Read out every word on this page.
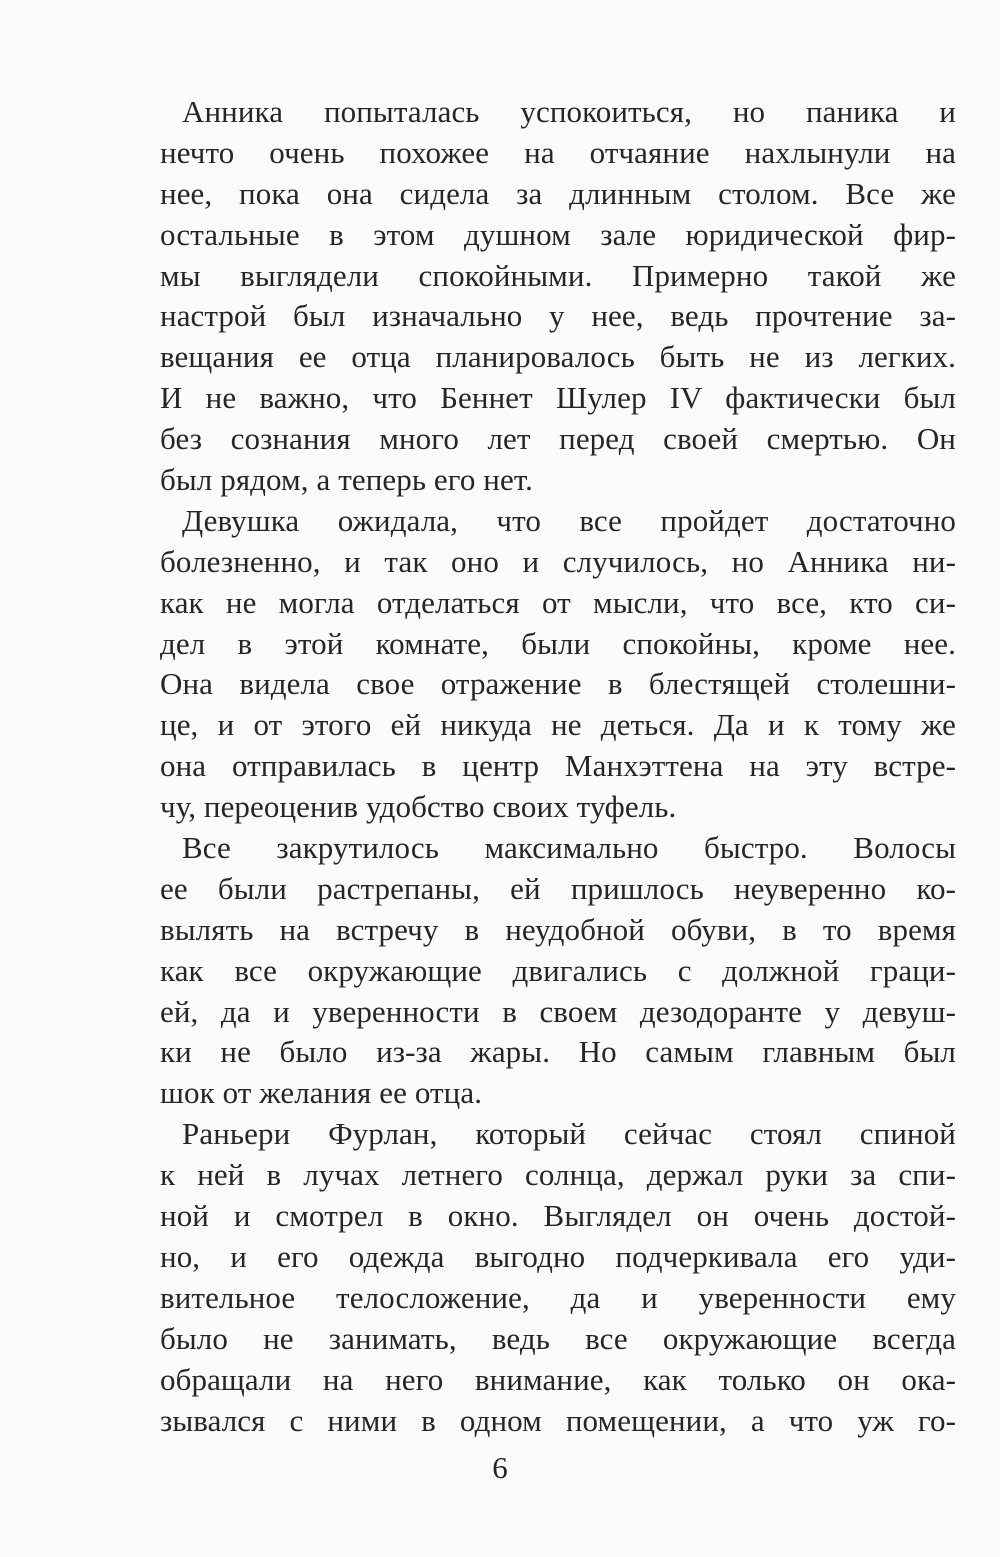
Анника попыталась успокоиться, но паника и
нечто очень похожее на отчаяние нахлынули на
нее, пока она сидела за длинным столом. Все же
остальные в этом душном зале юридической фир-
мы выглядели спокойными. Примерно такой же
настрой был изначально у нее, ведь прочтение за-
вещания ее отца планировалось быть не из легких.
И не важно, что Беннет Шулер IV фактически был
без сознания много лет перед своей смертью. Он
был рядом, а теперь его нет.
Девушка ожидала, что все пройдет достаточно
болезненно, и так оно и случилось, но Анника ни-
как не могла отделаться от мысли, что все, кто си-
дел в этой комнате, были спокойны, кроме нее.
Она видела свое отражение в блестящей столешни-
це, и от этого ей никуда не деться. Да и к тому же
она отправилась в центр Манхэттена на эту встре-
чу, переоценив удобство своих туфель.
Все закрутилось максимально быстро. Волосы
ее были растрепаны, ей пришлось неуверенно ко-
вылять на встречу в неудобной обуви, в то время
как все окружающие двигались с должной граци-
ей, да и уверенности в своем дезодоранте у девуш-
ки не было из-за жары. Но самым главным был
шок от желания ее отца.
Раньери Фурлан, который сейчас стоял спиной
к ней в лучах летнего солнца, держал руки за спи-
ной и смотрел в окно. Выглядел он очень достой-
но, и его одежда выгодно подчеркивала его уди-
вительное телосложение, да и уверенности ему
было не занимать, ведь все окружающие всегда
обращали на него внимание, как только он ока-
зывался с ними в одном помещении, а что уж го-
6
